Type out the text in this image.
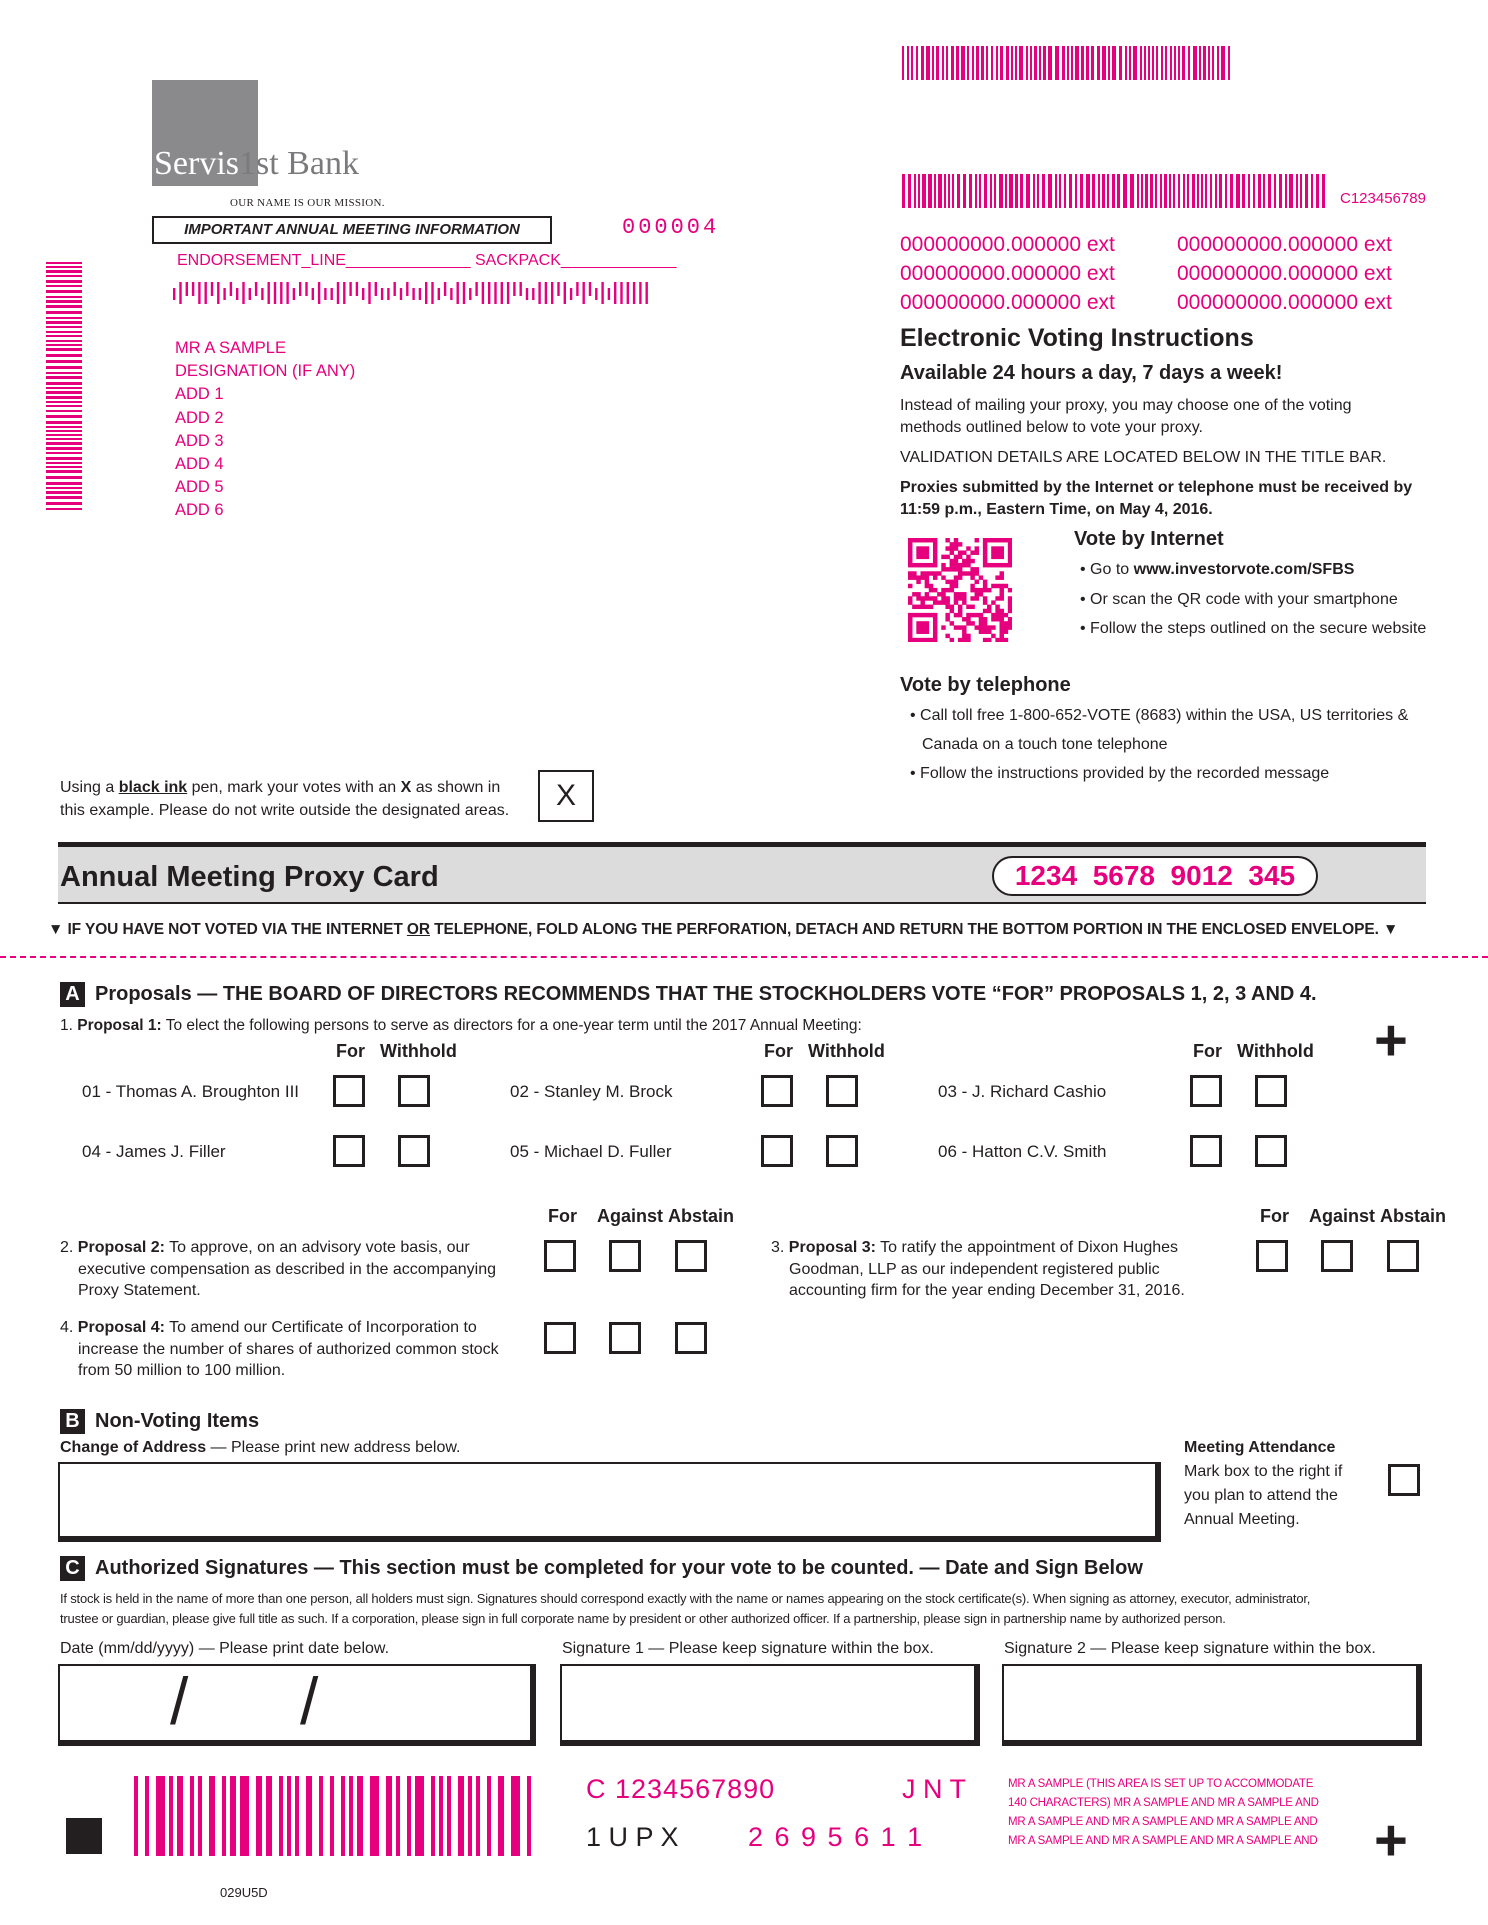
Servis1st Bank
OUR NAME IS OUR MISSION.
IMPORTANT ANNUAL MEETING INFORMATION	000004
ENDORSEMENT_LINE______________ SACKPACK_____________
MR A SAMPLE
DESIGNATION (IF ANY)
ADD 1
ADD 2
ADD 3
ADD 4
ADD 5
ADD 6
C123456789
000000000.000000 ext	000000000.000000 ext
000000000.000000 ext	000000000.000000 ext
000000000.000000 ext	000000000.000000 ext
Electronic Voting Instructions
Available 24 hours a day, 7 days a week!
Instead of mailing your proxy, you may choose one of the voting methods outlined below to vote your proxy.
VALIDATION DETAILS ARE LOCATED BELOW IN THE TITLE BAR.
Proxies submitted by the Internet or telephone must be received by 11:59 p.m., Eastern Time, on May 4, 2016.
Vote by Internet
• Go to www.investorvote.com/SFBS
• Or scan the QR code with your smartphone
• Follow the steps outlined on the secure website
Vote by telephone
• Call toll free 1-800-652-VOTE (8683) within the USA, US territories &
Canada on a touch tone telephone
• Follow the instructions provided by the recorded message
Using a black ink pen, mark your votes with an X as shown in
this example. Please do not write outside the designated areas.	X
Annual Meeting Proxy Card	1234  5678  9012  345
▼ IF YOU HAVE NOT VOTED VIA THE INTERNET OR TELEPHONE, FOLD ALONG THE PERFORATION, DETACH AND RETURN THE BOTTOM PORTION IN THE ENCLOSED ENVELOPE. ▼
A Proposals — THE BOARD OF DIRECTORS RECOMMENDS THAT THE STOCKHOLDERS VOTE “FOR” PROPOSALS 1, 2, 3 AND 4.
1. Proposal 1: To elect the following persons to serve as directors for a one-year term until the 2017 Annual Meeting:
For Withhold	For Withhold	For Withhold +
01 - Thomas A. Broughton III	02 - Stanley M. Brock	03 - J. Richard Cashio
04 - James J. Filler	05 - Michael D. Fuller	06 - Hatton C.V. Smith
For Against Abstain	For Against Abstain
2. Proposal 2: To approve, on an advisory vote basis, our
executive compensation as described in the accompanying
Proxy Statement.
3. Proposal 3: To ratify the appointment of Dixon Hughes
Goodman, LLP as our independent registered public
accounting firm for the year ending December 31, 2016.
4. Proposal 4: To amend our Certificate of Incorporation to
increase the number of shares of authorized common stock
from 50 million to 100 million.
B Non-Voting Items
Change of Address — Please print new address below.	Meeting Attendance
Mark box to the right if
you plan to attend the
Annual Meeting.
C Authorized Signatures — This section must be completed for your vote to be counted. — Date and Sign Below
If stock is held in the name of more than one person, all holders must sign. Signatures should correspond exactly with the name or names appearing on the stock certificate(s). When signing as attorney, executor, administrator,
trustee or guardian, please give full title as such. If a corporation, please sign in full corporate name by president or other authorized officer. If a partnership, please sign in partnership name by authorized person.
Date (mm/dd/yyyy) — Please print date below.	Signature 1 — Please keep signature within the box.	Signature 2 — Please keep signature within the box.
/ /
C 1234567890	J N T
1 U P X	2 6 9 5 6 1 1
MR A SAMPLE (THIS AREA IS SET UP TO ACCOMMODATE
140 CHARACTERS) MR A SAMPLE AND MR A SAMPLE AND
MR A SAMPLE AND MR A SAMPLE AND MR A SAMPLE AND
MR A SAMPLE AND MR A SAMPLE AND MR A SAMPLE AND +
029U5D
